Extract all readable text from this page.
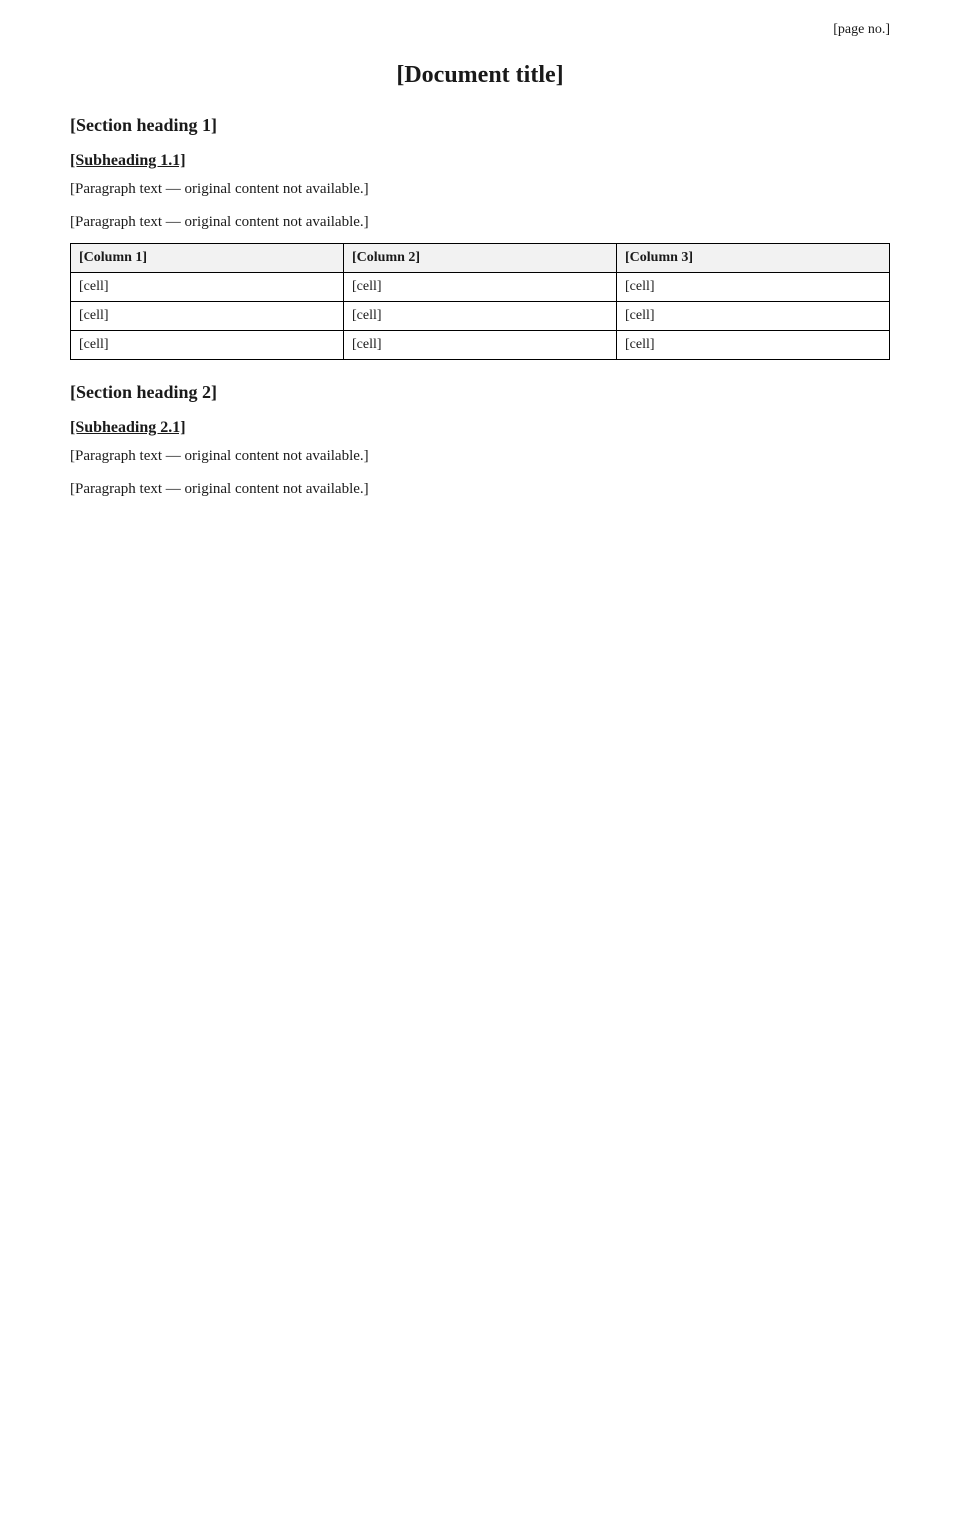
[page no.]
[Document title]
[Section heading 1]
[Subheading 1.1]

[Paragraph text — original content not available.]

[Paragraph text — original content not available.]

[Column 1]	[Column 2]	[Column 3]
[cell]	[cell]	[cell]
[cell]	[cell]	[cell]
[cell]	[cell]	[cell]
[Section heading 2]
[Subheading 2.1]

[Paragraph text — original content not available.]

[Paragraph text — original content not available.]
